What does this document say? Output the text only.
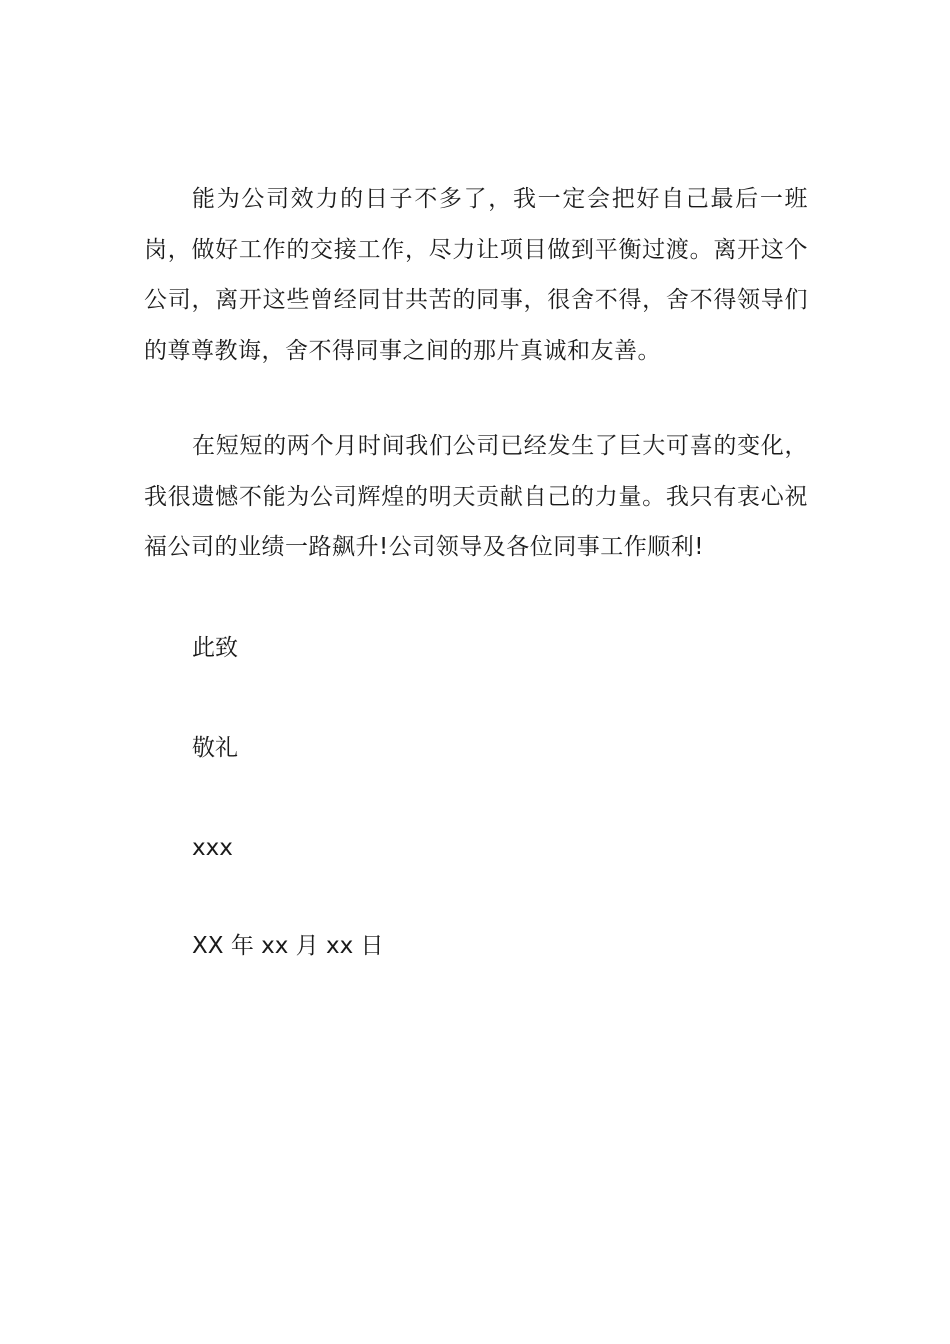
能为公司效力的日子不多了，我一定会把好自己最后一班岗，做好工作的交接工作，尽力让项目做到平衡过渡。离开这个公司，离开这些曾经同甘共苦的同事，很舍不得，舍不得领导们的尊尊教诲，舍不得同事之间的那片真诚和友善。

在短短的两个月时间我们公司已经发生了巨大可喜的变化，我很遗憾不能为公司辉煌的明天贡献自己的力量。我只有衷心祝福公司的业绩一路飙升!公司领导及各位同事工作顺利!

此致

敬礼

xxx

XX 年 xx 月 xx 日
